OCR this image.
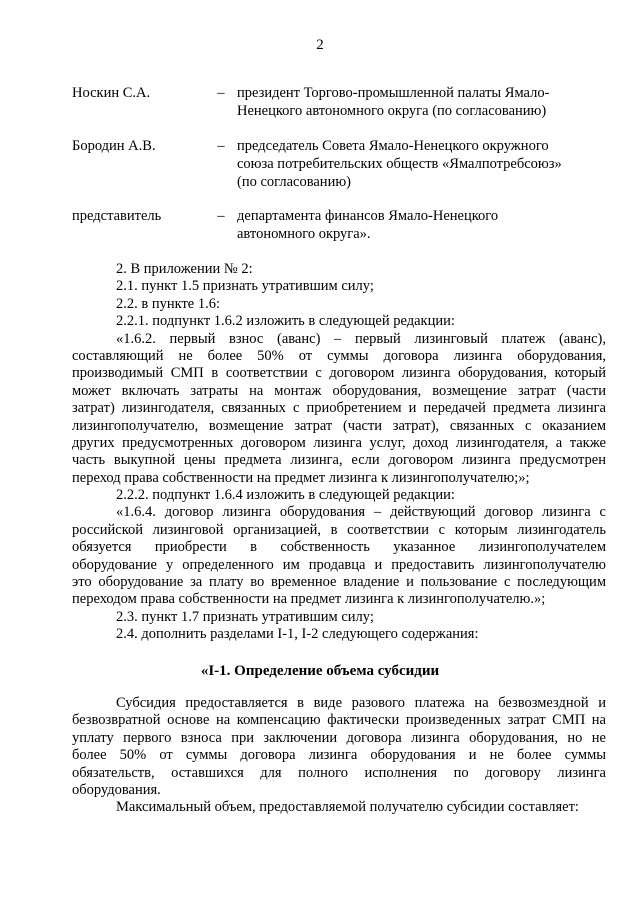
2
Носкин С.А.	– президент Торгово-промышленной палаты Ямало-
Ненецкого автономного округа (по согласованию)
Бородин А.В.	– председатель Совета Ямало-Ненецкого окружного
союза потребительских обществ «Ямалпотребсоюз»
(по согласованию)
представитель	– департамента финансов Ямало-Ненецкого
автономного округа».
2. В приложении № 2:
2.1. пункт 1.5 признать утратившим силу;
2.2. в пункте 1.6:
2.2.1. подпункт 1.6.2 изложить в следующей редакции:
«1.6.2. первый взнос (аванс) – первый лизинговый платеж (аванс),
составляющий не более 50% от суммы договора лизинга оборудования,
производимый СМП в соответствии с договором лизинга оборудования, который
может включать затраты на монтаж оборудования, возмещение затрат (части
затрат) лизингодателя, связанных с приобретением и передачей предмета лизинга
лизингополучателю, возмещение затрат (части затрат), связанных с оказанием
других предусмотренных договором лизинга услуг, доход лизингодателя, а также
часть выкупной цены предмета лизинга, если договором лизинга предусмотрен
переход права собственности на предмет лизинга к лизингополучателю;»;
2.2.2. подпункт 1.6.4 изложить в следующей редакции:
«1.6.4. договор лизинга оборудования – действующий договор лизинга с
российской лизинговой организацией, в соответствии с которым лизингодатель
обязуется приобрести в собственность указанное лизингополучателем
оборудование у определенного им продавца и предоставить лизингополучателю
это оборудование за плату во временное владение и пользование с последующим
переходом права собственности на предмет лизинга к лизингополучателю.»;
2.3. пункт 1.7 признать утратившим силу;
2.4. дополнить разделами I-1, I-2 следующего содержания:
«I-1. Определение объема субсидии
Субсидия предоставляется в виде разового платежа на безвозмездной и
безвозвратной основе на компенсацию фактически произведенных затрат СМП на
уплату первого взноса при заключении договора лизинга оборудования, но не
более 50% от суммы договора лизинга оборудования и не более суммы
обязательств, оставшихся для полного исполнения по договору лизинга
оборудования.
Максимальный объем, предоставляемой получателю субсидии составляет:
